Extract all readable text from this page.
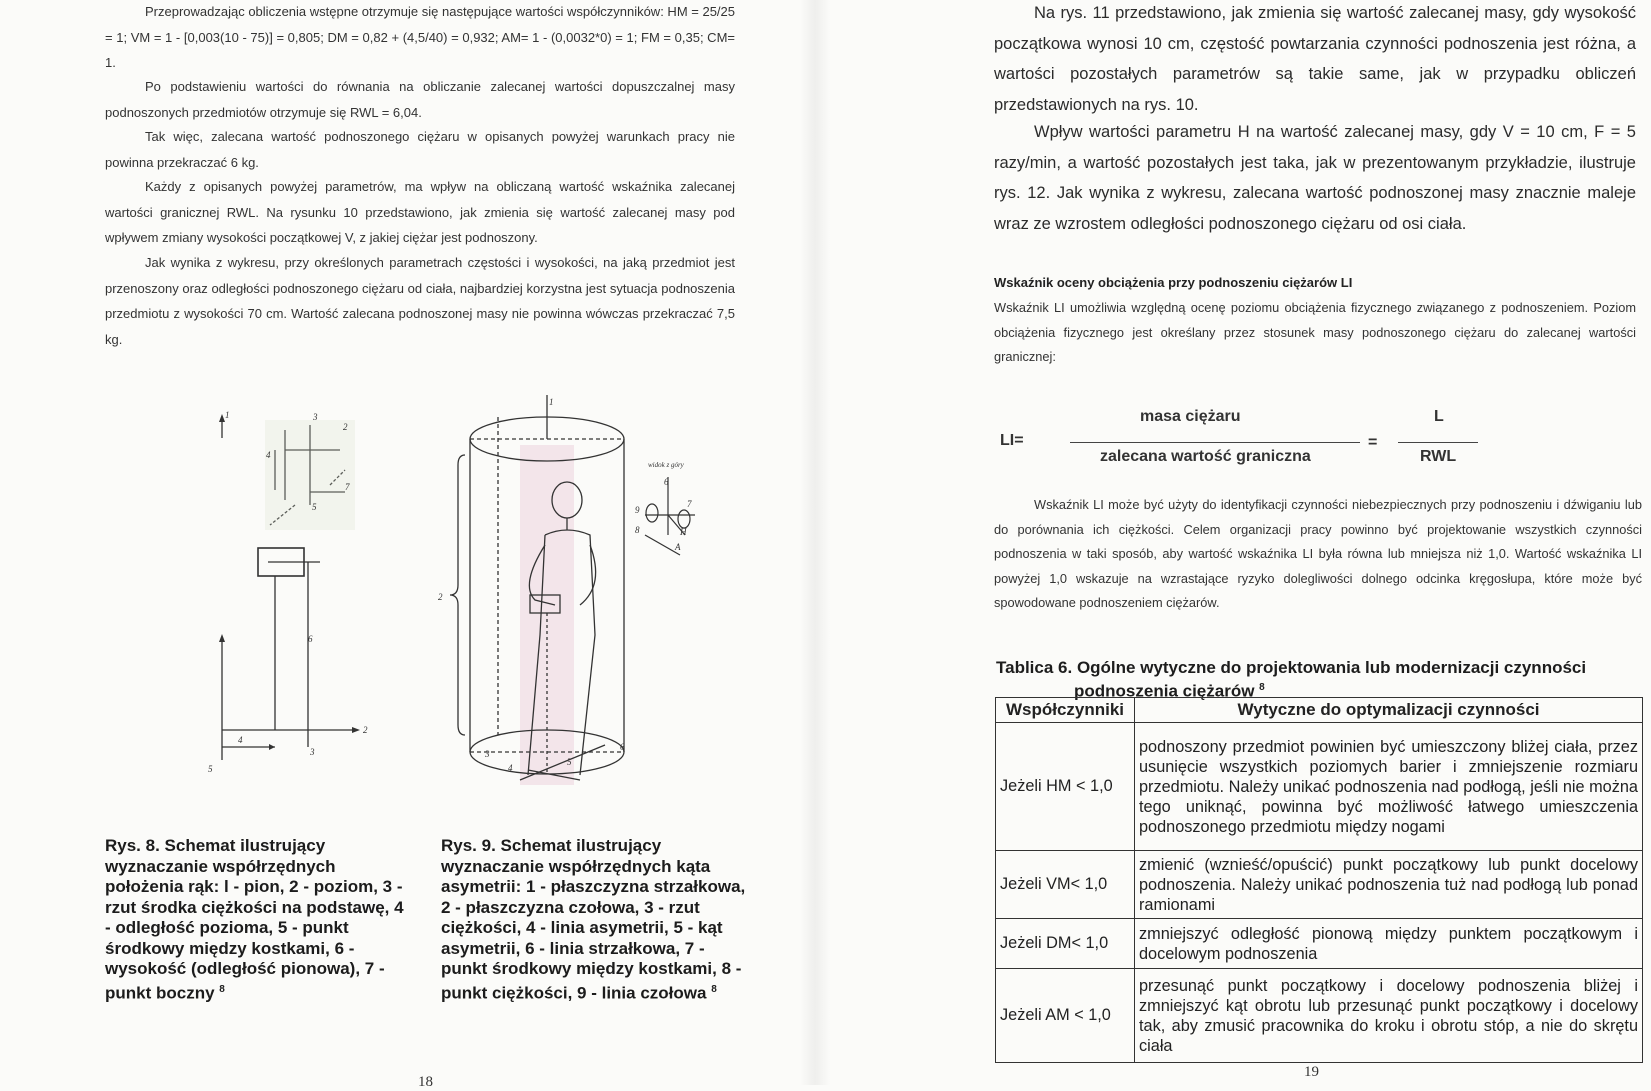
Przeprowadzając obliczenia wstępne otrzymuje się następujące wartości współczynników: HM = 25/25 = 1; VM = 1 - [0,003(10 - 75)] = 0,805; DM = 0,82 + (4,5/40) = 0,932; AM= 1 - (0,0032*0) = 1; FM = 0,35; CM= 1.

Po podstawieniu wartości do równania na obliczanie zalecanej wartości dopuszczalnej masy podnoszonych przedmiotów otrzymuje się RWL = 6,04.

Tak więc, zalecana wartość podnoszonego ciężaru w opisanych powyżej warunkach pracy nie powinna przekraczać 6 kg.

Każdy z opisanych powyżej parametrów, ma wpływ na obliczaną wartość wskaźnika zalecanej wartości granicznej RWL. Na rysunku 10 przedstawiono, jak zmienia się wartość zalecanej masy pod wpływem zmiany wysokości początkowej V, z jakiej ciężar jest podnoszony.

Jak wynika z wykresu, przy określonych parametrach częstości i wysokości, na jaką przedmiot jest przenoszony oraz odległości podnoszonego ciężaru od ciała, najbardziej korzystna jest sytuacja podnoszenia przedmiotu z wysokości 70 cm. Wartość zalecana podnoszonej masy nie powinna wówczas przekraczać 7,5 kg.

1
2
3
4
5
6
7
2
3
4
5
1
2
3
4
5
6
widok z góry
6
7
9
8	H
A

Rys. 8. Schemat ilustrujący wyznaczanie współrzędnych położenia rąk: l - pion, 2 - poziom, 3 - rzut środka ciężkości na podstawę, 4 - odległość pozioma, 5 - punkt środkowy między kostkami, 6 - wysokość (odległość pionowa), 7 - punkt boczny $^8$

Rys. 9. Schemat ilustrujący wyznaczanie współrzędnych kąta asymetrii: 1 - płaszczyzna strzałkowa, 2 - płaszczyzna czołowa, 3 - rzut ciężkości, 4 - linia asymetrii, 5 - kąt asymetrii, 6 - linia strzałkowa, 7 - punkt środkowy między kostkami, 8 - punkt ciężkości, 9 - linia czołowa $^8$

18

Na rys. 11 przedstawiono, jak zmienia się wartość zalecanej masy, gdy wysokość początkowa wynosi 10 cm, częstość powtarzania czynności podnoszenia jest różna, a wartości pozostałych parametrów są takie same, jak w przypadku obliczeń przedstawionych na rys. 10.

Wpływ wartości parametru H na wartość zalecanej masy, gdy V = 10 cm, F = 5 razy/min, a wartość pozostałych jest taka, jak w prezentowanym przykładzie, ilustruje rys. 12. Jak wynika z wykresu, zalecana wartość podnoszonej masy znacznie maleje wraz ze wzrostem odległości podnoszonego ciężaru od osi ciała.

Wskaźnik oceny obciążenia przy podnoszeniu ciężarów LI

Wskaźnik LI umożliwia względną ocenę poziomu obciążenia fizycznego związanego z podnoszeniem. Poziom obciążenia fizycznego jest określany przez stosunek masy podnoszonego ciężaru do zalecanej wartości granicznej:

LI=
masa ciężaru
zalecana wartość graniczna
=
L
RWL

Wskaźnik LI może być użyty do identyfikacji czynności niebezpiecznych przy podnoszeniu i dźwiganiu lub do porównania ich ciężkości. Celem organizacji pracy powinno być projektowanie wszystkich czynności podnoszenia w taki sposób, aby wartość wskaźnika LI była równa lub mniejsza niż 1,0. Wartość wskaźnika LI powyżej 1,0 wskazuje na wzrastające ryzyko dolegliwości dolnego odcinka kręgosłupa, które może być spowodowane podnoszeniem ciężarów.

Tablica 6. Ogólne wytyczne do projektowania lub modernizacji czynności
podnoszenia ciężarów $^8$
Współczynniki	Wytyczne do optymalizacji czynności
Jeżeli HM < 1,0	podnoszony przedmiot powinien być umieszczony bliżej ciała, przez usunięcie wszystkich poziomych barier i zmniejszenie rozmiaru przedmiotu. Należy unikać podnoszenia nad podłogą, jeśli nie można tego uniknąć, powinna być możliwość łatwego umieszczenia podnoszonego przedmiotu między nogami
Jeżeli VM< 1,0	zmienić (wznieść/opuścić) punkt początkowy lub punkt docelowy podnoszenia. Należy unikać podnoszenia tuż nad podłogą lub ponad ramionami
Jeżeli DM< 1,0	zmniejszyć odległość pionową między punktem początkowym i docelowym podnoszenia
Jeżeli AM < 1,0	przesunąć punkt początkowy i docelowy podnoszenia bliżej i zmniejszyć kąt obrotu lub przesunąć punkt początkowy i docelowy tak, aby zmusić pracownika do kroku i obrotu stóp, a nie do skrętu ciała
19
